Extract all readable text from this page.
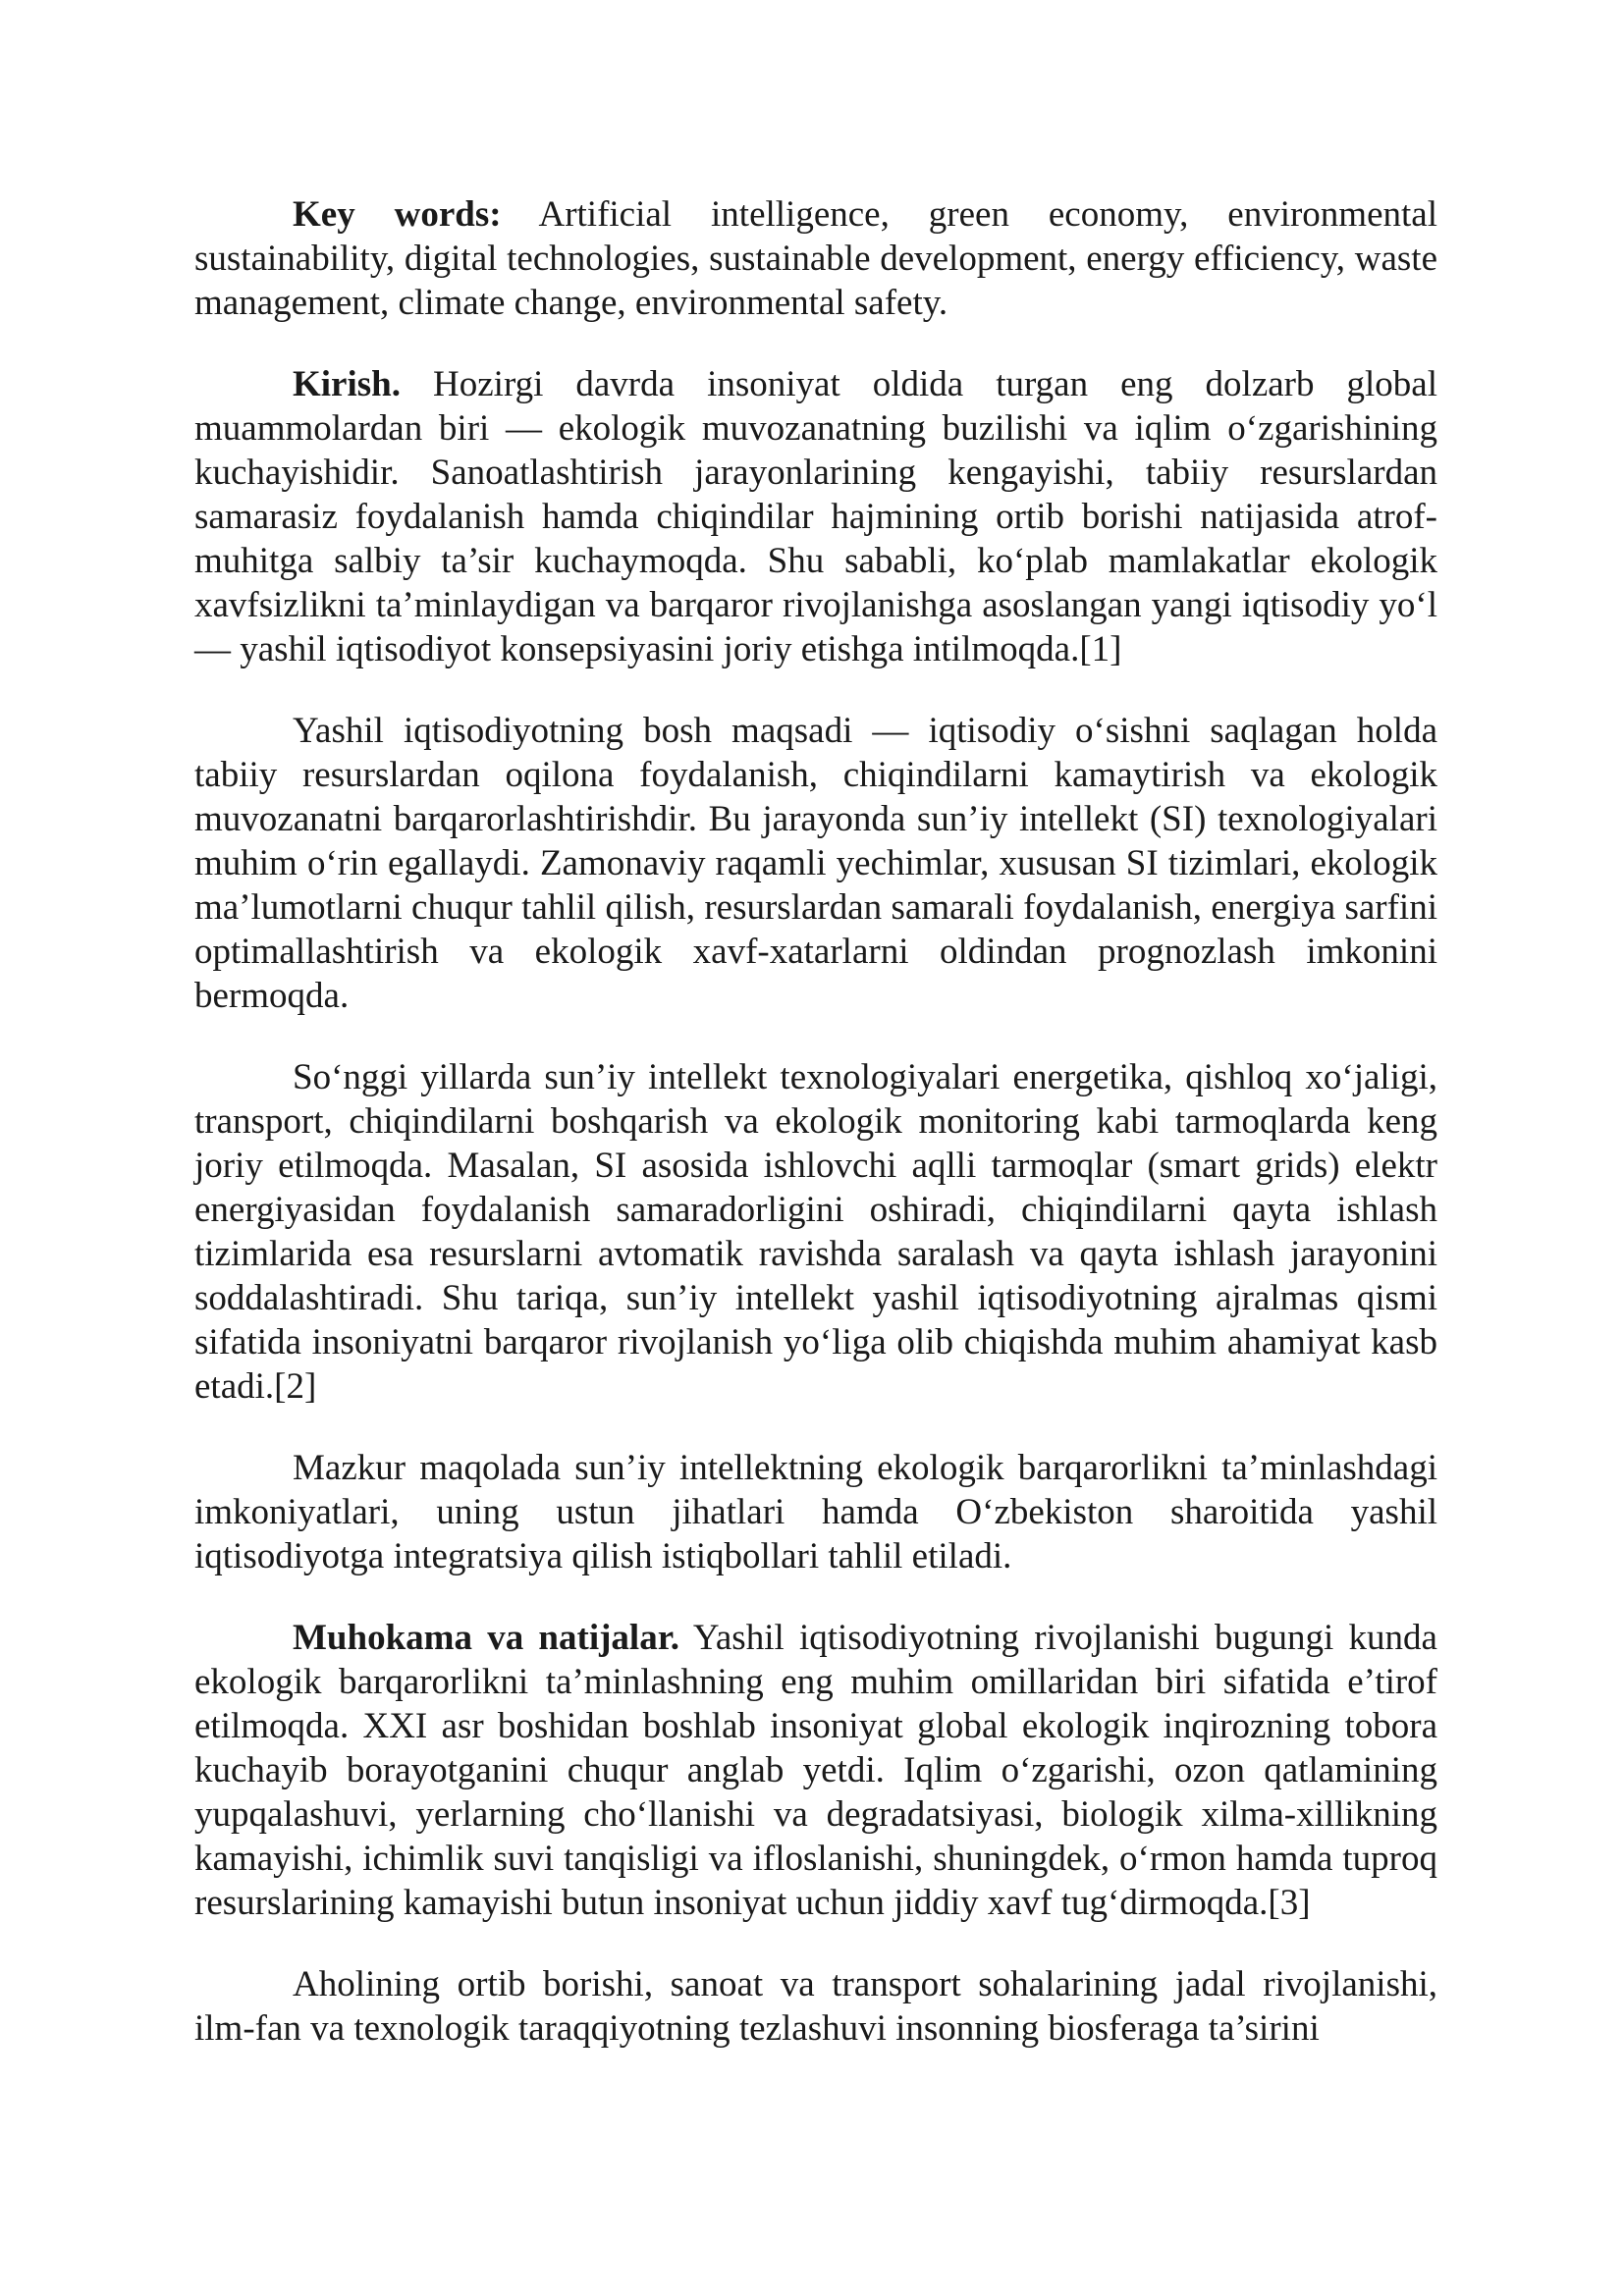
Key words: Artificial intelligence, green economy, environmental sustainability, digital technologies, sustainable development, energy efficiency, waste management, climate change, environmental safety.

Kirish. Hozirgi davrda insoniyat oldida turgan eng dolzarb global muammolardan biri — ekologik muvozanatning buzilishi va iqlim o‘zgarishining kuchayishidir. Sanoatlashtirish jarayonlarining kengayishi, tabiiy resurslardan samarasiz foydalanish hamda chiqindilar hajmining ortib borishi natijasida atrof-muhitga salbiy ta’sir kuchaymoqda. Shu sababli, ko‘plab mamlakatlar ekologik xavfsizlikni ta’minlaydigan va barqaror rivojlanishga asoslangan yangi iqtisodiy yo‘l — yashil iqtisodiyot konsepsiyasini joriy etishga intilmoqda.[1]

Yashil iqtisodiyotning bosh maqsadi — iqtisodiy o‘sishni saqlagan holda tabiiy resurslardan oqilona foydalanish, chiqindilarni kamaytirish va ekologik muvozanatni barqarorlashtirishdir. Bu jarayonda sun’iy intellekt (SI) texnologiyalari muhim o‘rin egallaydi. Zamonaviy raqamli yechimlar, xususan SI tizimlari, ekologik ma’lumotlarni chuqur tahlil qilish, resurslardan samarali foydalanish, energiya sarfini optimallashtirish va ekologik xavf-xatarlarni oldindan prognozlash imkonini bermoqda.

So‘nggi yillarda sun’iy intellekt texnologiyalari energetika, qishloq xo‘jaligi, transport, chiqindilarni boshqarish va ekologik monitoring kabi tarmoqlarda keng joriy etilmoqda. Masalan, SI asosida ishlovchi aqlli tarmoqlar (smart grids) elektr energiyasidan foydalanish samaradorligini oshiradi, chiqindilarni qayta ishlash tizimlarida esa resurslarni avtomatik ravishda saralash va qayta ishlash jarayonini soddalashtiradi. Shu tariqa, sun’iy intellekt yashil iqtisodiyotning ajralmas qismi sifatida insoniyatni barqaror rivojlanish yo‘liga olib chiqishda muhim ahamiyat kasb etadi.[2]

Mazkur maqolada sun’iy intellektning ekologik barqarorlikni ta’minlashdagi imkoniyatlari, uning ustun jihatlari hamda O‘zbekiston sharoitida yashil iqtisodiyotga integratsiya qilish istiqbollari tahlil etiladi.

Muhokama va natijalar. Yashil iqtisodiyotning rivojlanishi bugungi kunda ekologik barqarorlikni ta’minlashning eng muhim omillaridan biri sifatida e’tirof etilmoqda. XXI asr boshidan boshlab insoniyat global ekologik inqirozning tobora kuchayib borayotganini chuqur anglab yetdi. Iqlim o‘zgarishi, ozon qatlamining yupqalashuvi, yerlarning cho‘llanishi va degradatsiyasi, biologik xilma-xillikning kamayishi, ichimlik suvi tanqisligi va ifloslanishi, shuningdek, o‘rmon hamda tuproq resurslarining kamayishi butun insoniyat uchun jiddiy xavf tug‘dirmoqda.[3]

Aholining ortib borishi, sanoat va transport sohalarining jadal rivojlanishi, ilm-fan va texnologik taraqqiyotning tezlashuvi insonning biosferaga ta’sirini
